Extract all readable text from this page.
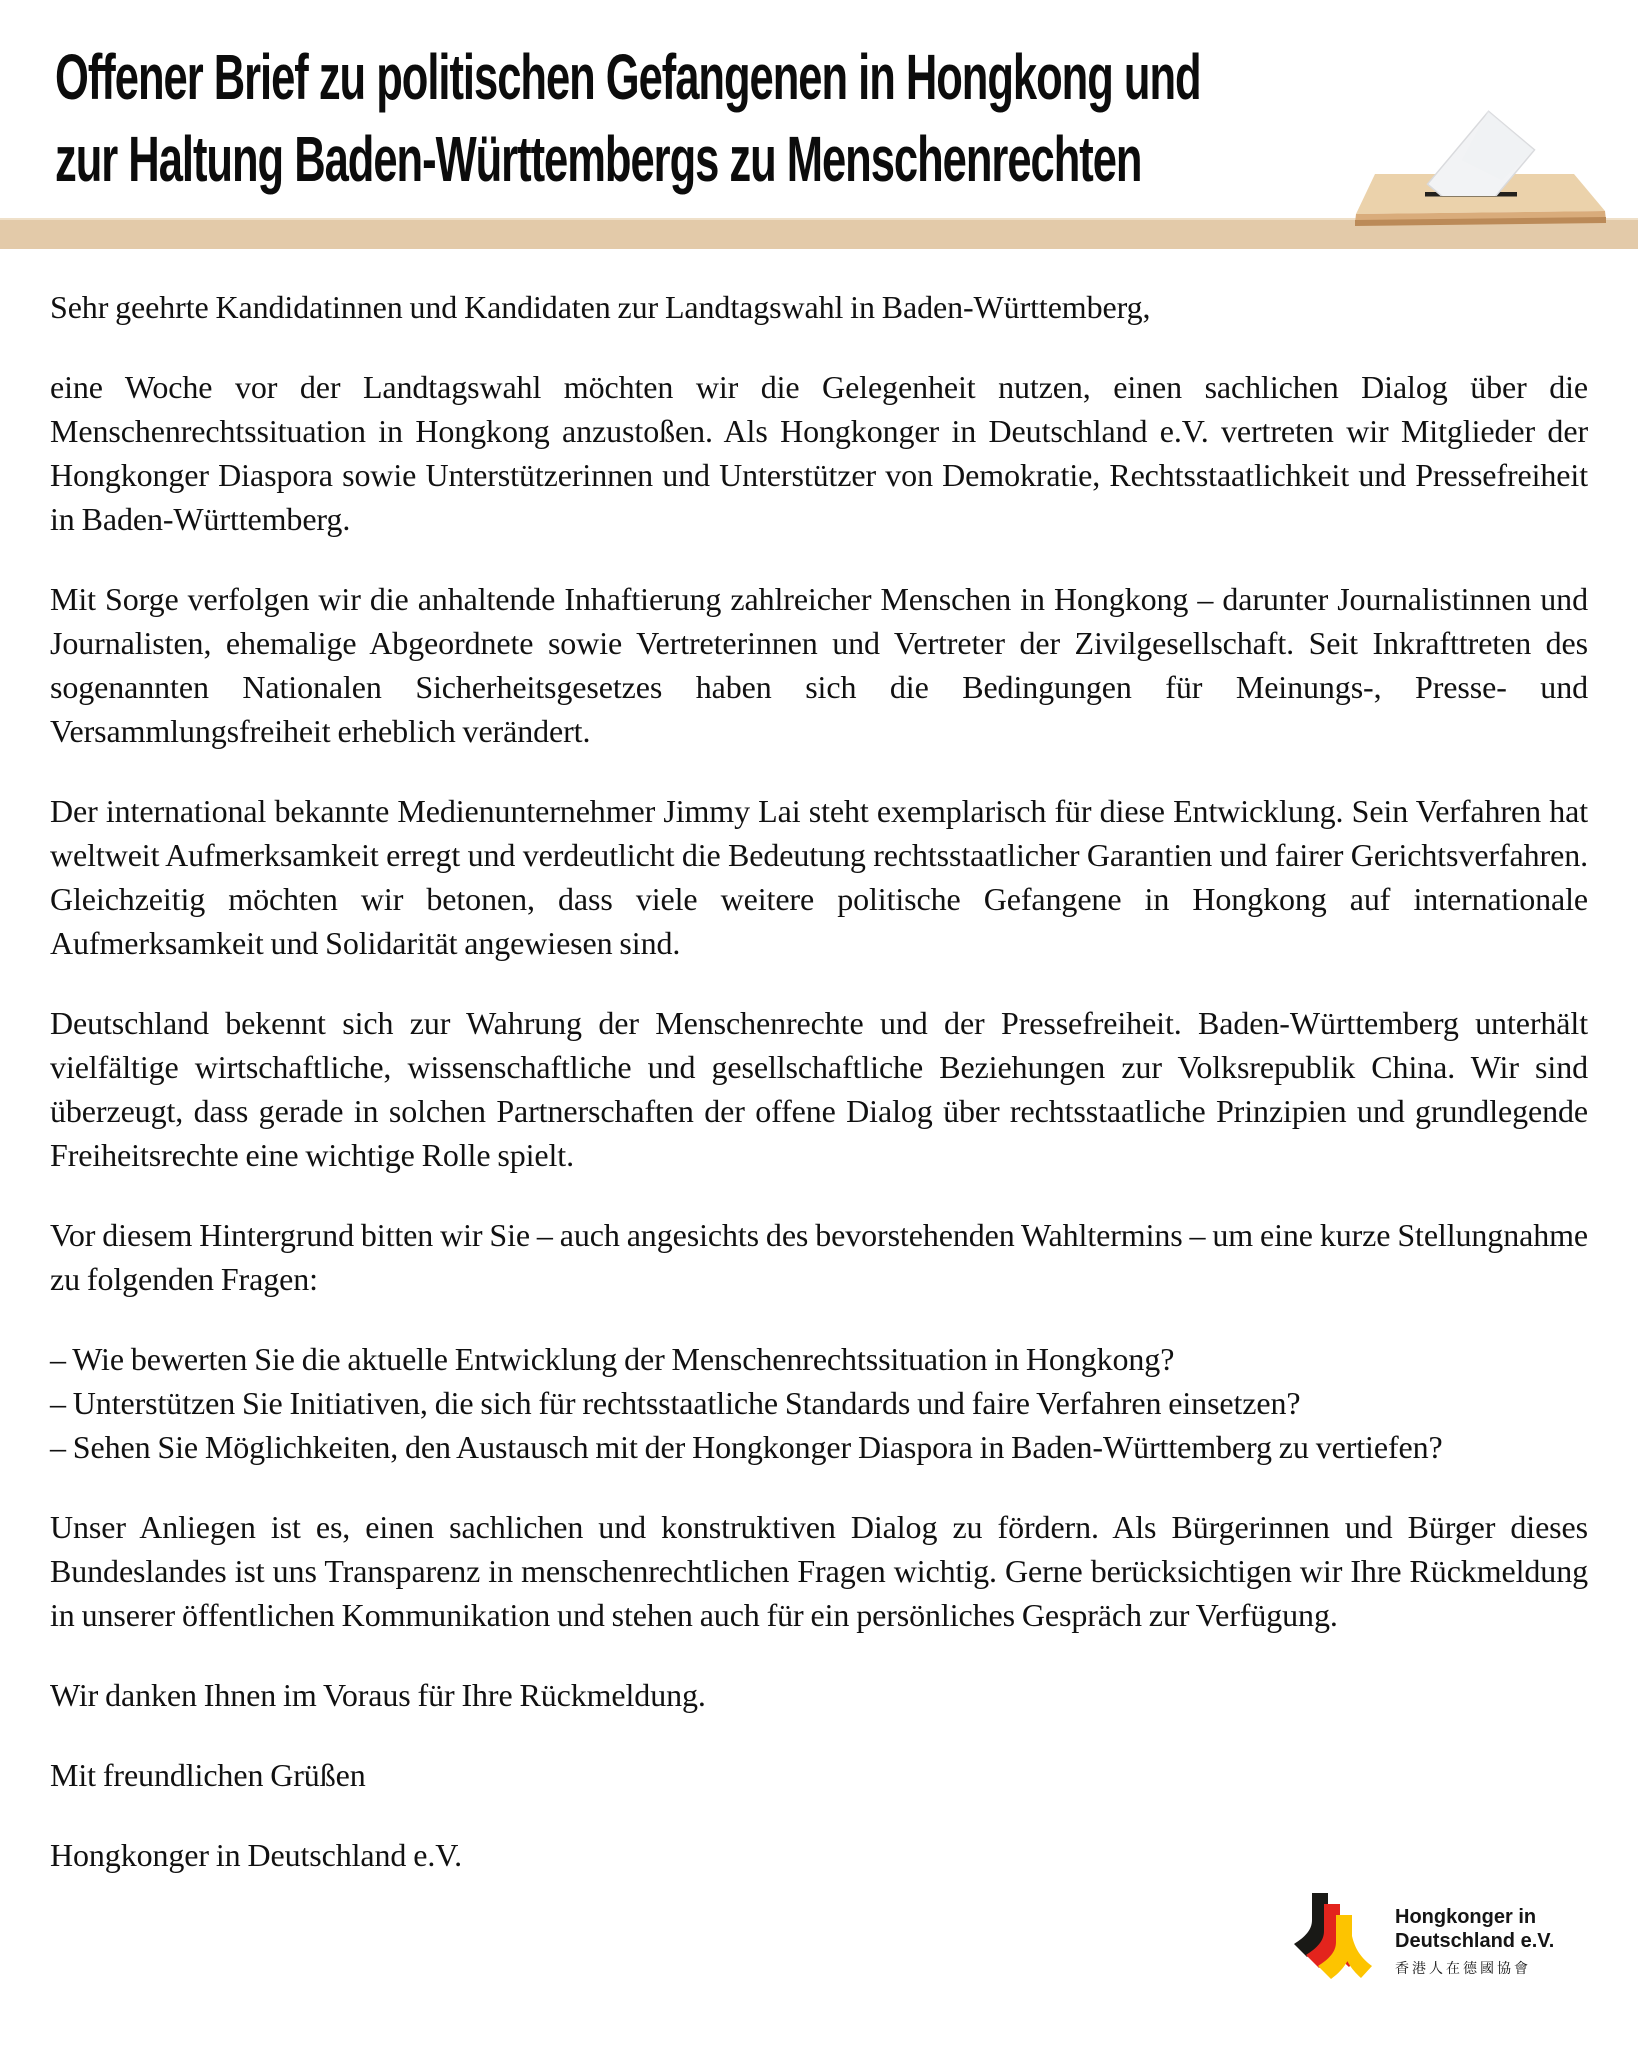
Offener Brief zu politischen Gefangenen in Hongkong und
zur Haltung Baden-Württembergs zu Menschenrechten

Sehr geehrte Kandidatinnen und Kandidaten zur Landtagswahl in Baden-Württemberg,

eine Woche vor der Landtagswahl möchten wir die Gelegenheit nutzen, einen sachlichen Dialog über die Menschenrechtssituation in Hongkong anzustoßen. Als Hongkonger in Deutschland e.V. vertreten wir Mitglieder der Hongkonger Diaspora sowie Unterstützerinnen und Unterstützer von Demokratie, Rechtsstaatlichkeit und Pressefreiheit in Baden-Württemberg.

Mit Sorge verfolgen wir die anhaltende Inhaftierung zahlreicher Menschen in Hongkong – darunter Journalistinnen und Journalisten, ehemalige Abgeordnete sowie Vertreterinnen und Vertreter der Zivilgesellschaft. Seit Inkrafttreten des sogenannten Nationalen Sicherheitsgesetzes haben sich die Bedingungen für Meinungs-, Presse- und Versammlungsfreiheit erheblich verändert.

Der international bekannte Medienunternehmer Jimmy Lai steht exemplarisch für diese Entwicklung. Sein Verfahren hat weltweit Aufmerksamkeit erregt und verdeutlicht die Bedeutung rechtsstaatlicher Garantien und fairer Gerichtsverfahren. Gleichzeitig möchten wir betonen, dass viele weitere politische Gefangene in Hongkong auf internationale Aufmerksamkeit und Solidarität angewiesen sind.

Deutschland bekennt sich zur Wahrung der Menschenrechte und der Pressefreiheit. Baden-Württemberg unterhält vielfältige wirtschaftliche, wissenschaftliche und gesellschaftliche Beziehungen zur Volksrepublik China. Wir sind überzeugt, dass gerade in solchen Partnerschaften der offene Dialog über rechtsstaatliche Prinzipien und grundlegende Freiheitsrechte eine wichtige Rolle spielt.

Vor diesem Hintergrund bitten wir Sie – auch angesichts des bevorstehenden Wahltermins – um eine kurze Stellungnahme zu folgenden Fragen:

– Wie bewerten Sie die aktuelle Entwicklung der Menschenrechtssituation in Hongkong?
– Unterstützen Sie Initiativen, die sich für rechtsstaatliche Standards und faire Verfahren einsetzen?
– Sehen Sie Möglichkeiten, den Austausch mit der Hongkonger Diaspora in Baden-Württemberg zu vertiefen?

Unser Anliegen ist es, einen sachlichen und konstruktiven Dialog zu fördern. Als Bürgerinnen und Bürger dieses Bundeslandes ist uns Transparenz in menschenrechtlichen Fragen wichtig. Gerne berücksichtigen wir Ihre Rückmeldung in unserer öffentlichen Kommunikation und stehen auch für ein persönliches Gespräch zur Verfügung.

Wir danken Ihnen im Voraus für Ihre Rückmeldung.

Mit freundlichen Grüßen

Hongkonger in Deutschland e.V.

Hongkonger in
Deutschland e.V.
香港人在德國協會
